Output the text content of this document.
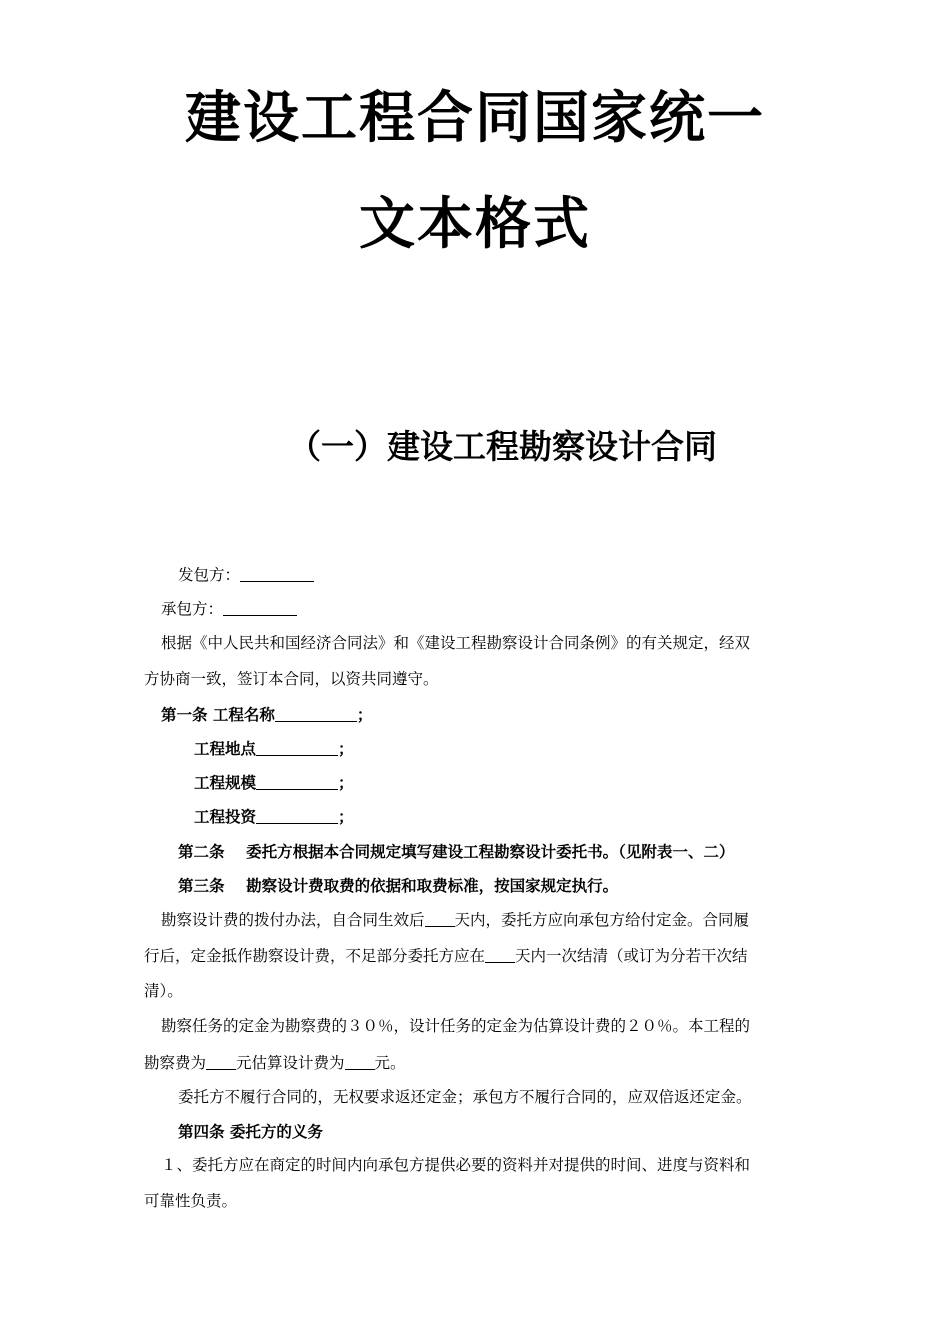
建设工程合同国家统一
文本格式
（一）建设工程勘察设计合同
发包方：
承包方：
根据《中人民共和国经济合同法》和《建设工程勘察设计合同条例》的有关规定，经双
方协商一致，签订本合同，以资共同遵守。
第一条 工程名称	；
工程地点	；
工程规模	；
工程投资	；
第二条    委托方根据本合同规定填写建设工程勘察设计委托书。（见附表一、二）
第三条    勘察设计费取费的依据和取费标准，按国家规定执行。
勘察设计费的拨付办法，自合同生效后 天内，委托方应向承包方给付定金。合同履
行后，定金抵作勘察设计费，不足部分委托方应在 天内一次结清（或订为分若干次结
清）。
勘察任务的定金为勘察费的３０％，设计任务的定金为估算设计费的２０％。本工程的
勘察费为 元估算设计费为 元。
委托方不履行合同的，无权要求返还定金；承包方不履行合同的，应双倍返还定金。
第四条 委托方的义务
１、委托方应在商定的时间内向承包方提供必要的资料并对提供的时间、进度与资料和
可靠性负责。
